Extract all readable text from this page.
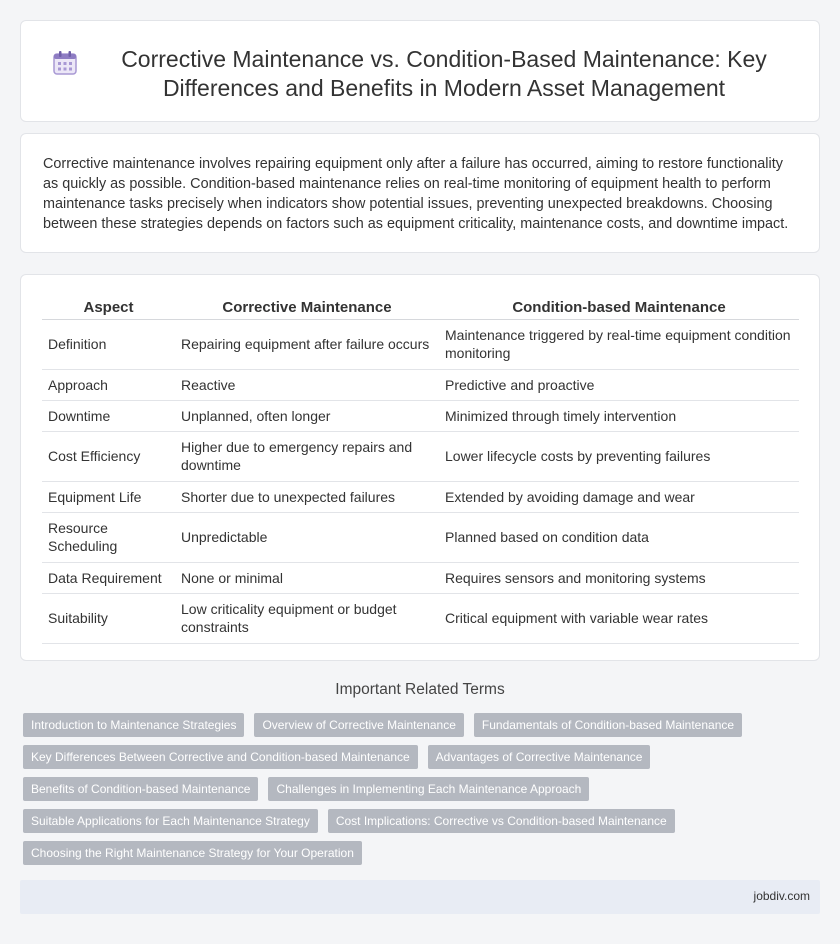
Corrective Maintenance vs. Condition-Based Maintenance: Key Differences and Benefits in Modern Asset Management

Corrective maintenance involves repairing equipment only after a failure has occurred, aiming to restore functionality as quickly as possible. Condition-based maintenance relies on real-time monitoring of equipment health to perform maintenance tasks precisely when indicators show potential issues, preventing unexpected breakdowns. Choosing between these strategies depends on factors such as equipment criticality, maintenance costs, and downtime impact.

Aspect	Corrective Maintenance	Condition-based Maintenance
Definition	Repairing equipment after failure occurs	Maintenance triggered by real-time equipment condition monitoring
Approach	Reactive	Predictive and proactive
Downtime	Unplanned, often longer	Minimized through timely intervention
Cost Efficiency	Higher due to emergency repairs and downtime	Lower lifecycle costs by preventing failures
Equipment Life	Shorter due to unexpected failures	Extended by avoiding damage and wear
Resource Scheduling	Unpredictable	Planned based on condition data
Data Requirement	None or minimal	Requires sensors and monitoring systems
Suitability	Low criticality equipment or budget constraints	Critical equipment with variable wear rates
Important Related Terms
Introduction to Maintenance Strategies	Overview of Corrective Maintenance	Fundamentals of Condition-based Maintenance
Key Differences Between Corrective and Condition-based Maintenance	Advantages of Corrective Maintenance
Benefits of Condition-based Maintenance	Challenges in Implementing Each Maintenance Approach
Suitable Applications for Each Maintenance Strategy	Cost Implications: Corrective vs Condition-based Maintenance
Choosing the Right Maintenance Strategy for Your Operation
jobdiv.com
